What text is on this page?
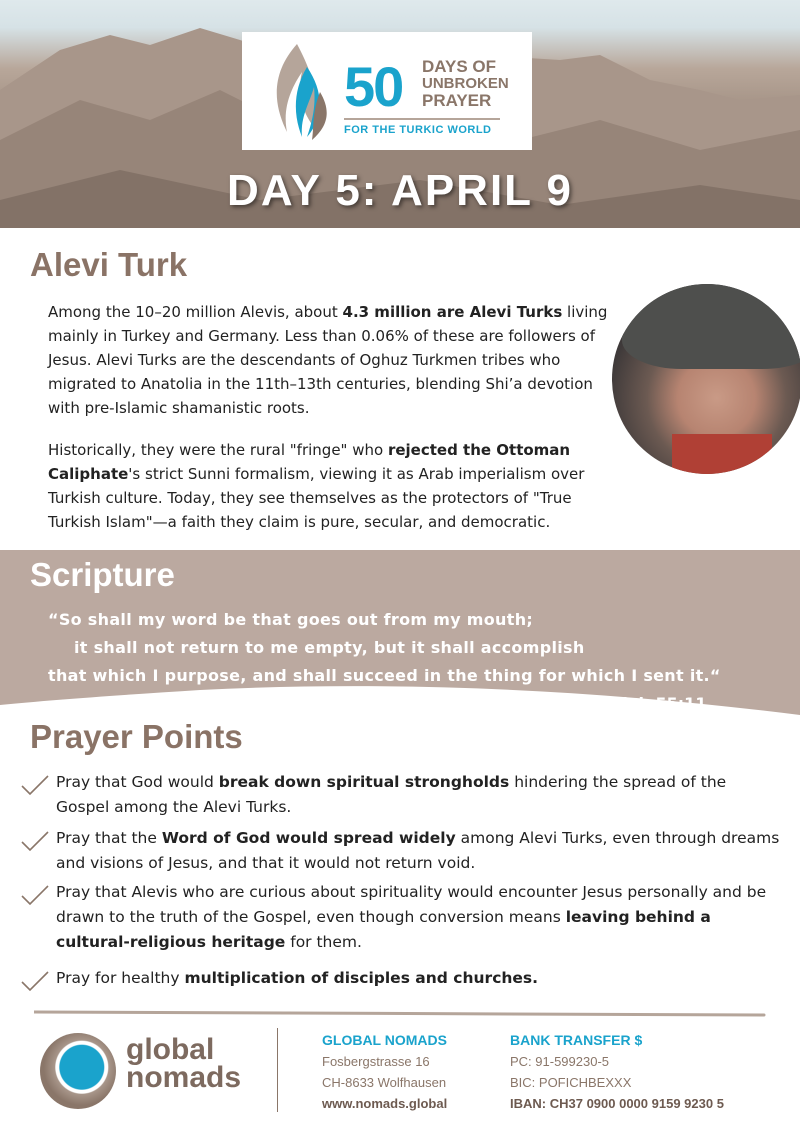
50 DAYS OF
UNBROKEN
PRAYER
FOR THE TURKIC WORLD
DAY 5: APRIL 9
Alevi Turk

Among the 10–20 million Alevis, about 4.3 million are Alevi Turks living mainly in Turkey and Germany. Less than 0.06% of these are followers of Jesus. Alevi Turks are the descendants of Oghuz Turkmen tribes who migrated to Anatolia in the 11th–13th centuries, blending Shi’a devotion with pre-Islamic shamanistic roots.

Historically, they were the rural "fringe" who rejected the Ottoman Caliphate's strict Sunni formalism, viewing it as Arab imperialism over Turkish culture. Today, they see themselves as the protectors of "True Turkish Islam"—a faith they claim is pure, secular, and democratic.

Scripture
“So shall my word be that goes out from my mouth;
it shall not return to me empty, but it shall accomplish
that which I purpose, and shall succeed in the thing for which I sent it.“
Isaiah 55:11
Prayer Points
Pray that God would break down spiritual strongholds hindering the spread of the Gospel among the Alevi Turks.
Pray that the Word of God would spread widely among Alevi Turks, even through dreams and visions of Jesus, and that it would not return void.
Pray that Alevis who are curious about spirituality would encounter Jesus personally and be drawn to the truth of the Gospel, even though conversion means leaving behind a cultural-religious heritage for them.
Pray for healthy multiplication of disciples and churches.
global
nomads
GLOBAL NOMADS
Fosbergstrasse 16
CH-8633 Wolfhausen
www.nomads.global
BANK TRANSFER $
PC: 91-599230-5
BIC: POFICHBEXXX
IBAN: CH37 0900 0000 9159 9230 5
